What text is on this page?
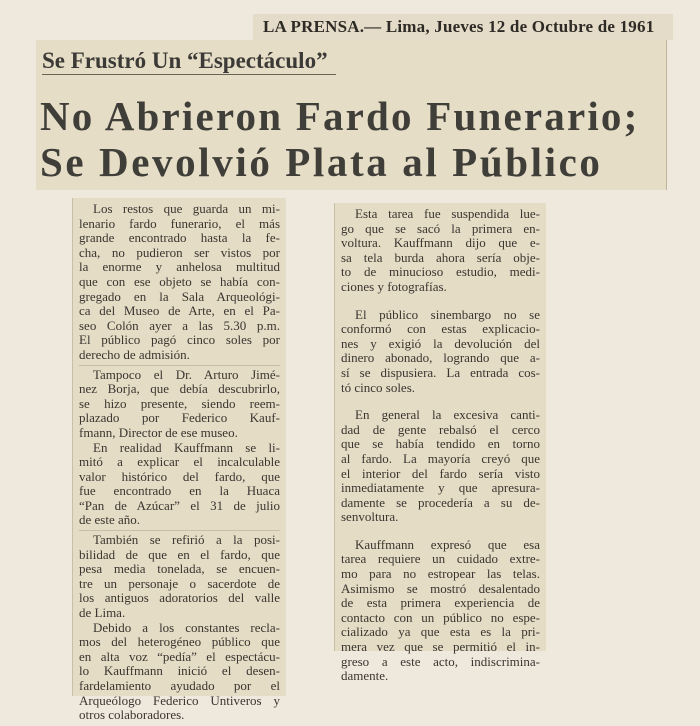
LA PRENSA.— Lima, Jueves 12 de Octubre de 1961
Se Frustró Un “Espectáculo”
No Abrieron Fardo Funerario;
Se Devolvió Plata al Público
Los restos que guarda un mi-
lenario fardo funerario, el más
grande encontrado hasta la fe-
cha, no pudieron ser vistos por
la enorme y anhelosa multitud
que con ese objeto se había con-
gregado en la Sala Arqueológi-
ca del Museo de Arte, en el Pa-
seo Colón ayer a las 5.30 p.m.
El público pagó cinco soles por
derecho de admisión.
Tampoco el Dr. Arturo Jimé-
nez Borja, que debía descubrirlo,
se hizo presente, siendo reem-
plazado por Federico Kauf-
fmann, Director de ese museo.
En realidad Kauffmann se li-
mitó a explicar el incalculable
valor histórico del fardo, que
fue encontrado en la Huaca
“Pan de Azúcar” el 31 de julio
de este año.
También se refirió a la posi-
bilidad de que en el fardo, que
pesa media tonelada, se encuen-
tre un personaje o sacerdote de
los antiguos adoratorios del valle
de Lima.
Debido a los constantes recla-
mos del heterogéneo público que
en alta voz “pedía” el espectácu-
lo Kauffmann inició el desen-
fardelamiento ayudado por el
Arqueólogo Federico Untiveros y
otros colaboradores.
Esta tarea fue suspendida lue-
go que se sacó la primera en-
voltura. Kauffmann dijo que e-
sa tela burda ahora sería obje-
to de minucioso estudio, medi-
ciones y fotografías.
El público sinembargo no se
conformó con estas explicacio-
nes y exigió la devolución del
dinero abonado, logrando que a-
sí se dispusiera. La entrada cos-
tó cinco soles.
En general la excesiva canti-
dad de gente rebalsó el cerco
que se había tendido en torno
al fardo. La mayoría creyó que
el interior del fardo sería visto
inmediatamente y que apresura-
damente se procedería a su de-
senvoltura.
Kauffmann expresó que esa
tarea requiere un cuidado extre-
mo para no estropear las telas.
Asimismo se mostró desalentado
de esta primera experiencia de
contacto con un público no espe-
cializado ya que esta es la pri-
mera vez que se permitió el in-
greso a este acto, indiscrimina-
damente.
